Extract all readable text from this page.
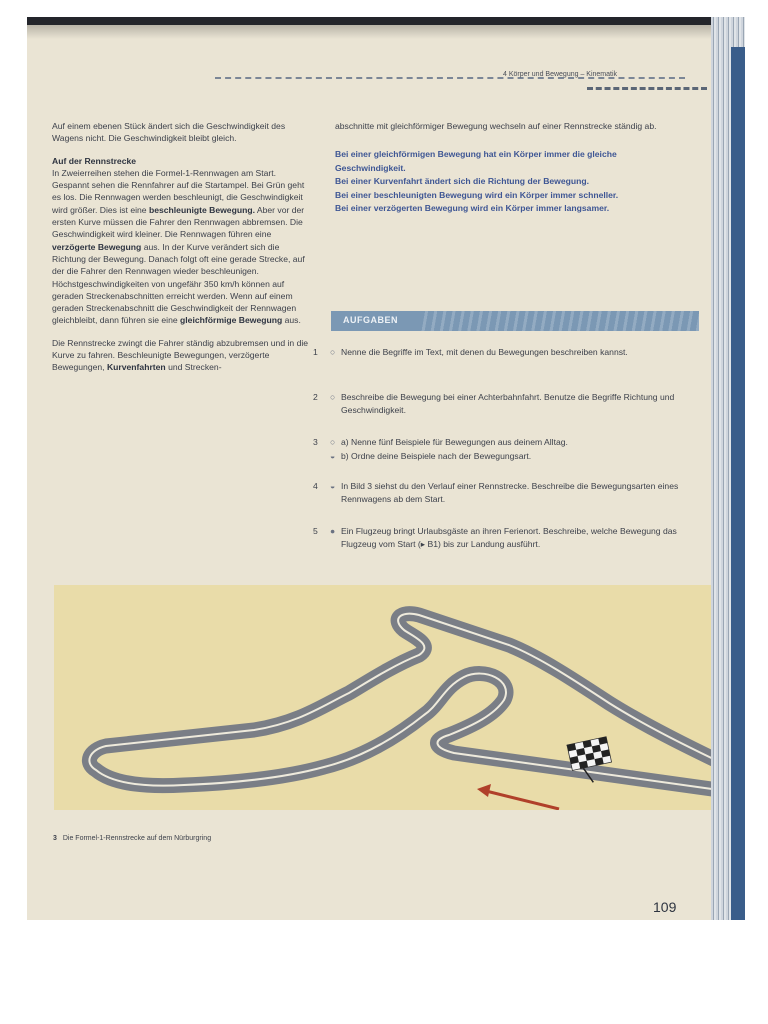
4 Körper und Bewegung – Kinematik

Auf einem ebenen Stück ändert sich die Geschwindigkeit des Wagens nicht. Die Geschwindigkeit bleibt gleich.

Auf der Rennstrecke
In Zweierreihen stehen die Formel-1-Rennwagen am Start. Gespannt sehen die Rennfahrer auf die Startampel. Bei Grün geht es los. Die Rennwagen werden beschleunigt, die Geschwindigkeit wird größer. Dies ist eine beschleunigte Bewegung. Aber vor der ersten Kurve müssen die Fahrer den Rennwagen abbremsen. Die Geschwindigkeit wird kleiner. Die Rennwagen führen eine verzögerte Bewegung aus. In der Kurve verändert sich die Richtung der Bewegung. Danach folgt oft eine gerade Strecke, auf der die Fahrer den Rennwagen wieder beschleunigen. Höchstgeschwindigkeiten von ungefähr 350 km/h können auf geraden Streckenabschnitten erreicht werden. Wenn auf einem geraden Streckenabschnitt die Geschwindigkeit der Rennwagen gleichbleibt, dann führen sie eine gleichförmige Bewegung aus.

Die Rennstrecke zwingt die Fahrer ständig abzubremsen und in die Kurve zu fahren. Beschleunigte Bewegungen, verzögerte Bewegungen, Kurvenfahrten und Strecken-

abschnitte mit gleichförmiger Bewegung wechseln auf einer Rennstrecke ständig ab.

Bei einer gleichförmigen Bewegung hat ein Körper immer die gleiche Geschwindigkeit.
Bei einer Kurvenfahrt ändert sich die Richtung der Bewegung.
Bei einer beschleunigten Bewegung wird ein Körper immer schneller.
Bei einer verzögerten Bewegung wird ein Körper immer langsamer.

AUFGABEN
1	○ Nenne die Begriffe im Text, mit denen du Bewegungen beschreiben kannst.
2	○ Beschreibe die Bewegung bei einer Achterbahnfahrt. Benutze die Begriffe Richtung und Geschwindigkeit.
3	○ a) Nenne fünf Beispiele für Bewegungen aus deinem Alltag.
◒ b) Ordne deine Beispiele nach der Bewegungsart.
4	◒ In Bild 3 siehst du den Verlauf einer Rennstrecke. Beschreibe die Bewegungsarten eines Rennwagens ab dem Start.
5	● Ein Flugzeug bringt Urlaubsgäste an ihren Ferienort. Beschreibe, welche Bewegung das Flugzeug vom Start (▸ B1) bis zur Landung ausführt.
3 Die Formel-1-Rennstrecke auf dem Nürburgring
109
